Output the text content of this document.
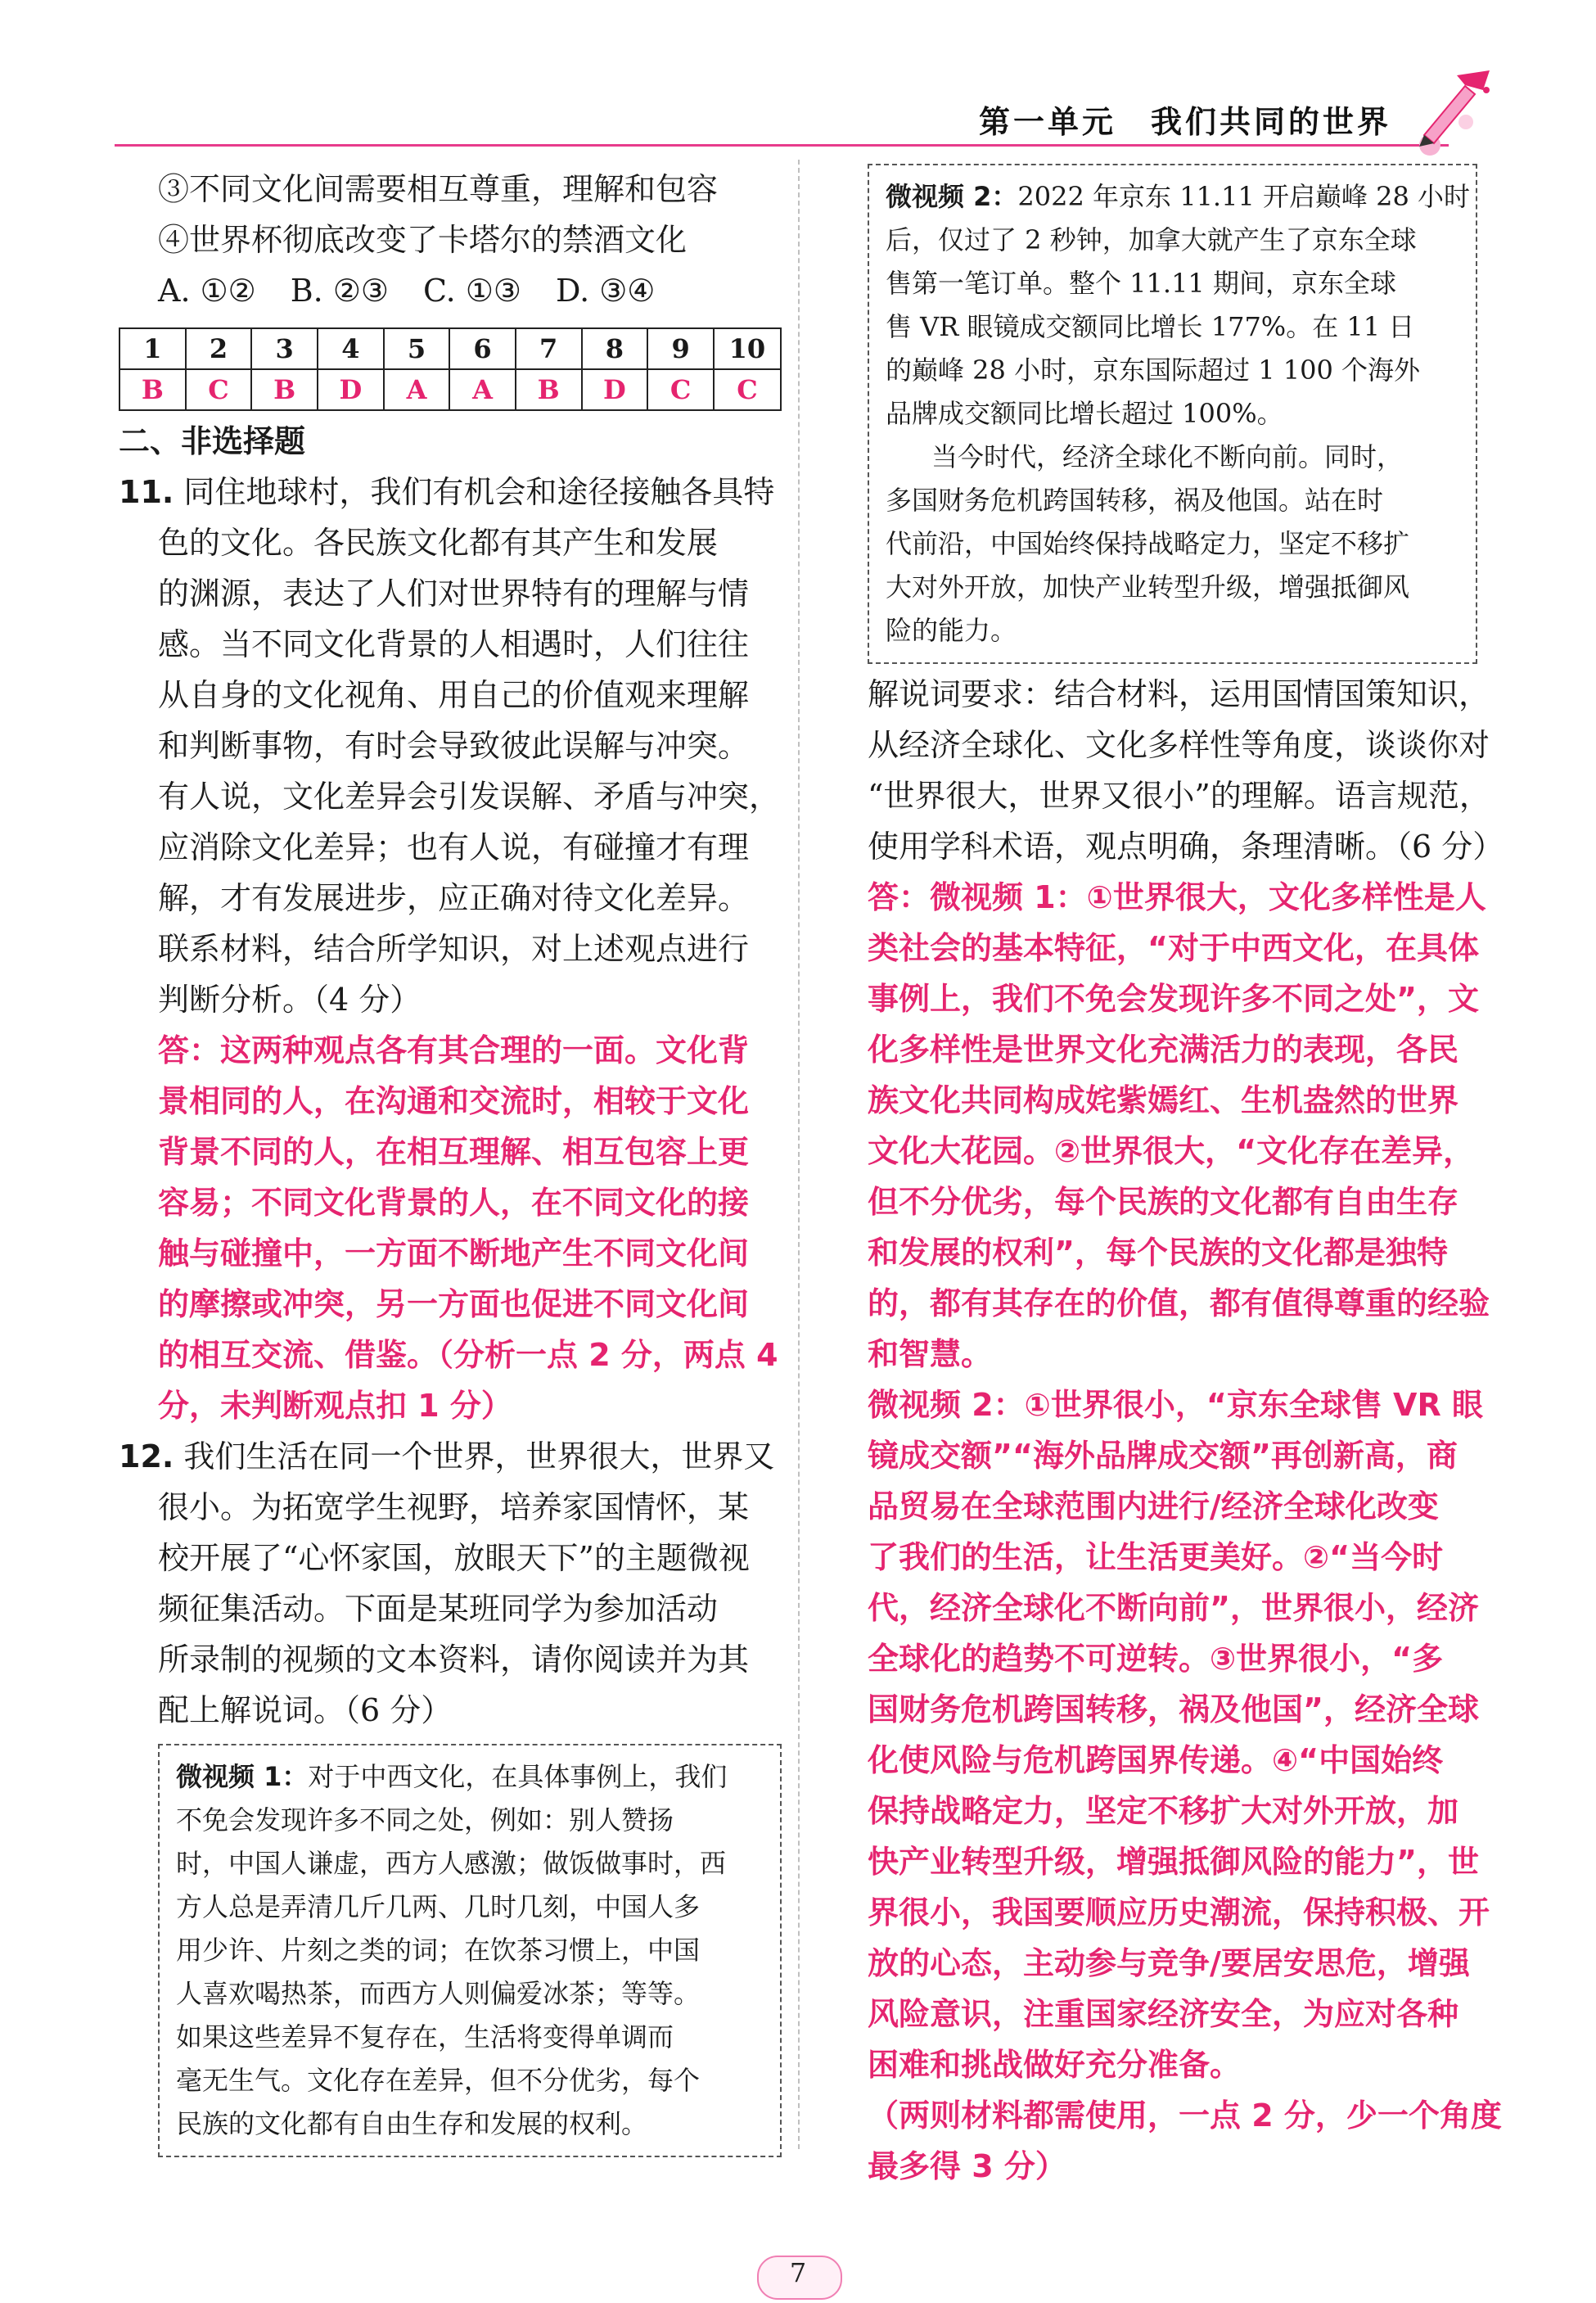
第一单元　我们共同的世界
③不同文化间需要相互尊重，理解和包容
④世界杯彻底改变了卡塔尔的禁酒文化
A. ①② B. ②③ C. ①③ D. ③④
1	2	3	4	5	6	7	8	9	10
B	C	B	D	A	A	B	D	C	C
二、非选择题
11. 同住地球村，我们有机会和途径接触各具特
色的文化。各民族文化都有其产生和发展
的渊源，表达了人们对世界特有的理解与情
感。当不同文化背景的人相遇时，人们往往
从自身的文化视角、用自己的价值观来理解
和判断事物，有时会导致彼此误解与冲突。
有人说，文化差异会引发误解、矛盾与冲突，
应消除文化差异；也有人说，有碰撞才有理
解，才有发展进步，应正确对待文化差异。
联系材料，结合所学知识，对上述观点进行
判断分析。（4 分）
答：这两种观点各有其合理的一面。文化背
景相同的人，在沟通和交流时，相较于文化
背景不同的人，在相互理解、相互包容上更
容易；不同文化背景的人，在不同文化的接
触与碰撞中，一方面不断地产生不同文化间
的摩擦或冲突，另一方面也促进不同文化间
的相互交流、借鉴。（分析一点 2 分，两点 4
分，未判断观点扣 1 分）
12. 我们生活在同一个世界，世界很大，世界又
很小。为拓宽学生视野，培养家国情怀，某
校开展了“心怀家国，放眼天下”的主题微视
频征集活动。下面是某班同学为参加活动
所录制的视频的文本资料，请你阅读并为其
配上解说词。（6 分）
微视频 1：对于中西文化，在具体事例上，我们
不免会发现许多不同之处，例如：别人赞扬
时，中国人谦虚，西方人感激；做饭做事时，西
方人总是弄清几斤几两、几时几刻，中国人多
用少许、片刻之类的词；在饮茶习惯上，中国
人喜欢喝热茶，而西方人则偏爱冰茶；等等。
如果这些差异不复存在，生活将变得单调而
毫无生气。文化存在差异，但不分优劣，每个
民族的文化都有自由生存和发展的权利。
微视频 2：2022 年京东 11.11 开启巅峰 28 小时
后，仅过了 2 秒钟，加拿大就产生了京东全球
售第一笔订单。整个 11.11 期间，京东全球
售 VR 眼镜成交额同比增长 177%。在 11 日
的巅峰 28 小时，京东国际超过 1 100 个海外
品牌成交额同比增长超过 100%。
当今时代，经济全球化不断向前。同时，
多国财务危机跨国转移，祸及他国。站在时
代前沿，中国始终保持战略定力，坚定不移扩
大对外开放，加快产业转型升级，增强抵御风
险的能力。
解说词要求：结合材料，运用国情国策知识，
从经济全球化、文化多样性等角度，谈谈你对
“世界很大，世界又很小”的理解。语言规范，
使用学科术语，观点明确，条理清晰。（6 分）
答：微视频 1：①世界很大，文化多样性是人
类社会的基本特征，“对于中西文化，在具体
事例上，我们不免会发现许多不同之处”，文
化多样性是世界文化充满活力的表现，各民
族文化共同构成姹紫嫣红、生机盎然的世界
文化大花园。②世界很大，“文化存在差异，
但不分优劣，每个民族的文化都有自由生存
和发展的权利”，每个民族的文化都是独特
的，都有其存在的价值，都有值得尊重的经验
和智慧。
微视频 2：①世界很小，“京东全球售 VR 眼
镜成交额”“海外品牌成交额”再创新高，商
品贸易在全球范围内进行/经济全球化改变
了我们的生活，让生活更美好。②“当今时
代，经济全球化不断向前”，世界很小，经济
全球化的趋势不可逆转。③世界很小，“多
国财务危机跨国转移，祸及他国”，经济全球
化使风险与危机跨国界传递。④“中国始终
保持战略定力，坚定不移扩大对外开放，加
快产业转型升级，增强抵御风险的能力”，世
界很小，我国要顺应历史潮流，保持积极、开
放的心态，主动参与竞争/要居安思危，增强
风险意识，注重国家经济安全，为应对各种
困难和挑战做好充分准备。
（两则材料都需使用，一点 2 分，少一个角度
最多得 3 分）
7
